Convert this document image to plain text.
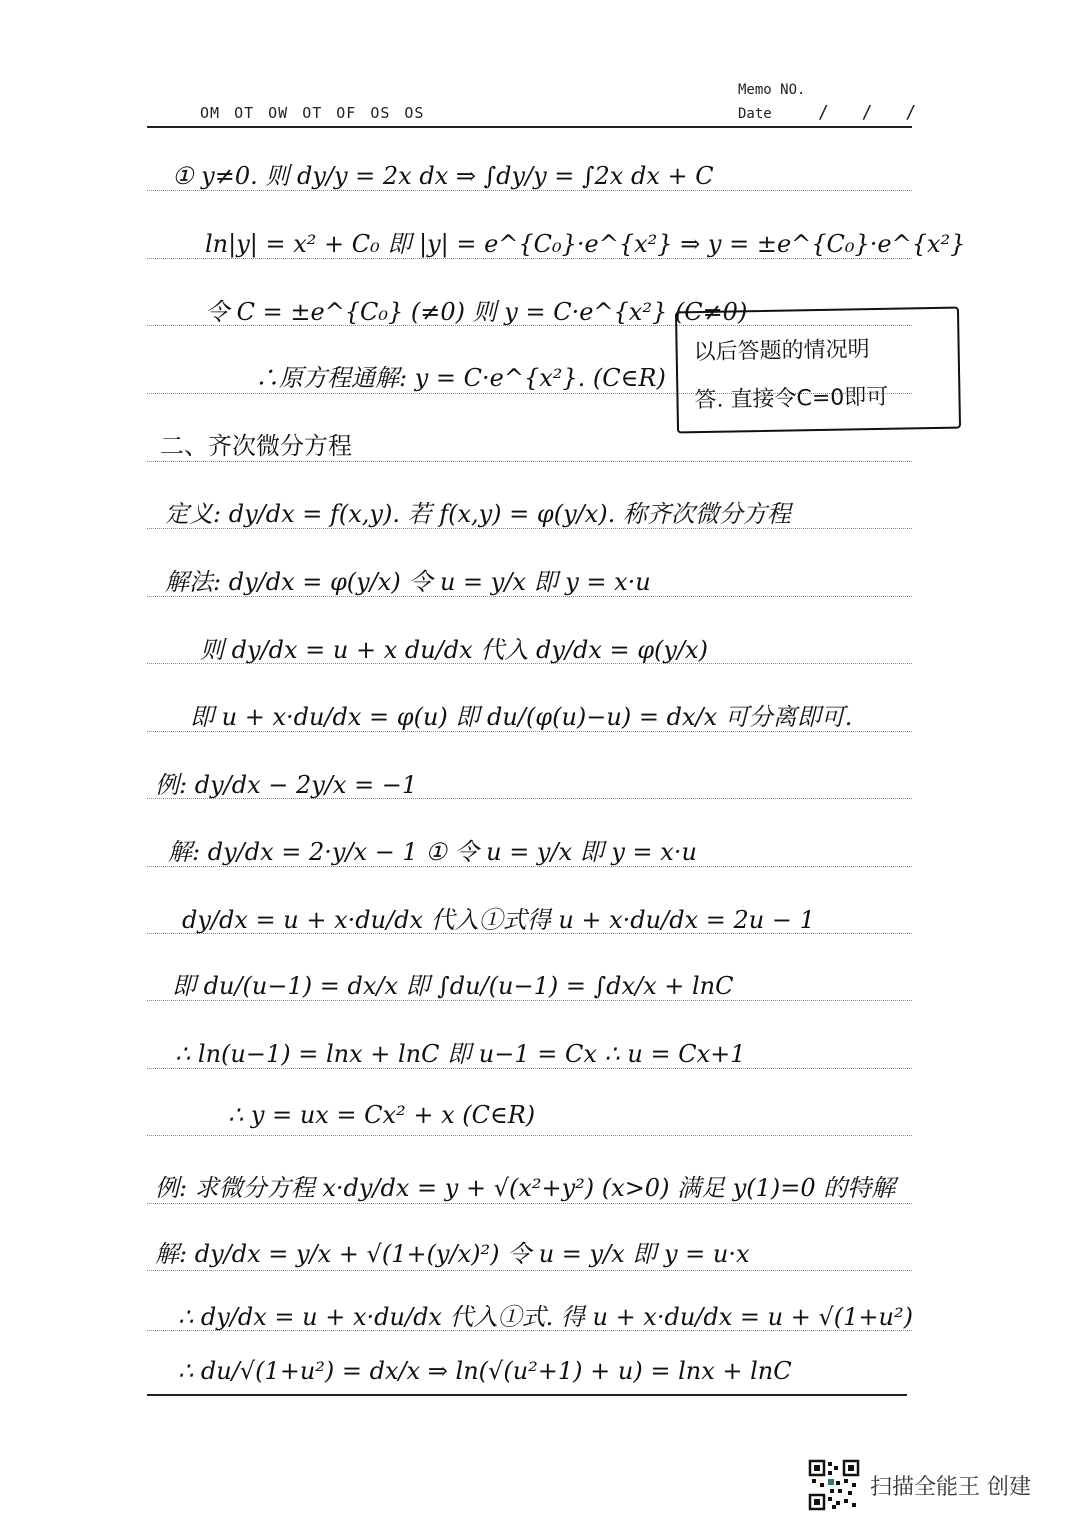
OM OT OW OT OF OS OS
Memo NO.
Date	/ / /
① y≠0. 则 dy/y = 2x dx ⇒ ∫dy/y = ∫2x dx + C
ln|y| = x² + C₀ 即 |y| = e^{C₀}·e^{x²} ⇒ y = ±e^{C₀}·e^{x²}
令 C = ±e^{C₀} (≠0) 则 y = C·e^{x²} (C≠0)
∴原方程通解: y = C·e^{x²}. (C∈R)
二、齐次微分方程
定义: dy/dx = f(x,y). 若 f(x,y) = φ(y/x). 称齐次微分方程
解法: dy/dx = φ(y/x) 令 u = y/x 即 y = x·u
则 dy/dx = u + x du/dx 代入 dy/dx = φ(y/x)
即 u + x·du/dx = φ(u) 即 du/(φ(u)−u) = dx/x 可分离即可.
例: dy/dx − 2y/x = −1
解: dy/dx = 2·y/x − 1 ① 令 u = y/x 即 y = x·u
dy/dx = u + x·du/dx 代入①式得 u + x·du/dx = 2u − 1
即 du/(u−1) = dx/x 即 ∫du/(u−1) = ∫dx/x + lnC
∴ ln(u−1) = lnx + lnC 即 u−1 = Cx ∴ u = Cx+1
∴ y = ux = Cx² + x (C∈R)
例: 求微分方程 x·dy/dx = y + √(x²+y²) (x>0) 满足 y(1)=0 的特解
解: dy/dx = y/x + √(1+(y/x)²) 令 u = y/x 即 y = u·x
∴ dy/dx = u + x·du/dx 代入①式. 得 u + x·du/dx = u + √(1+u²)
∴ du/√(1+u²) = dx/x ⇒ ln(√(u²+1) + u) = lnx + lnC
以后答题的情况明
答. 直接令C=0即可
扫描全能王 创建
